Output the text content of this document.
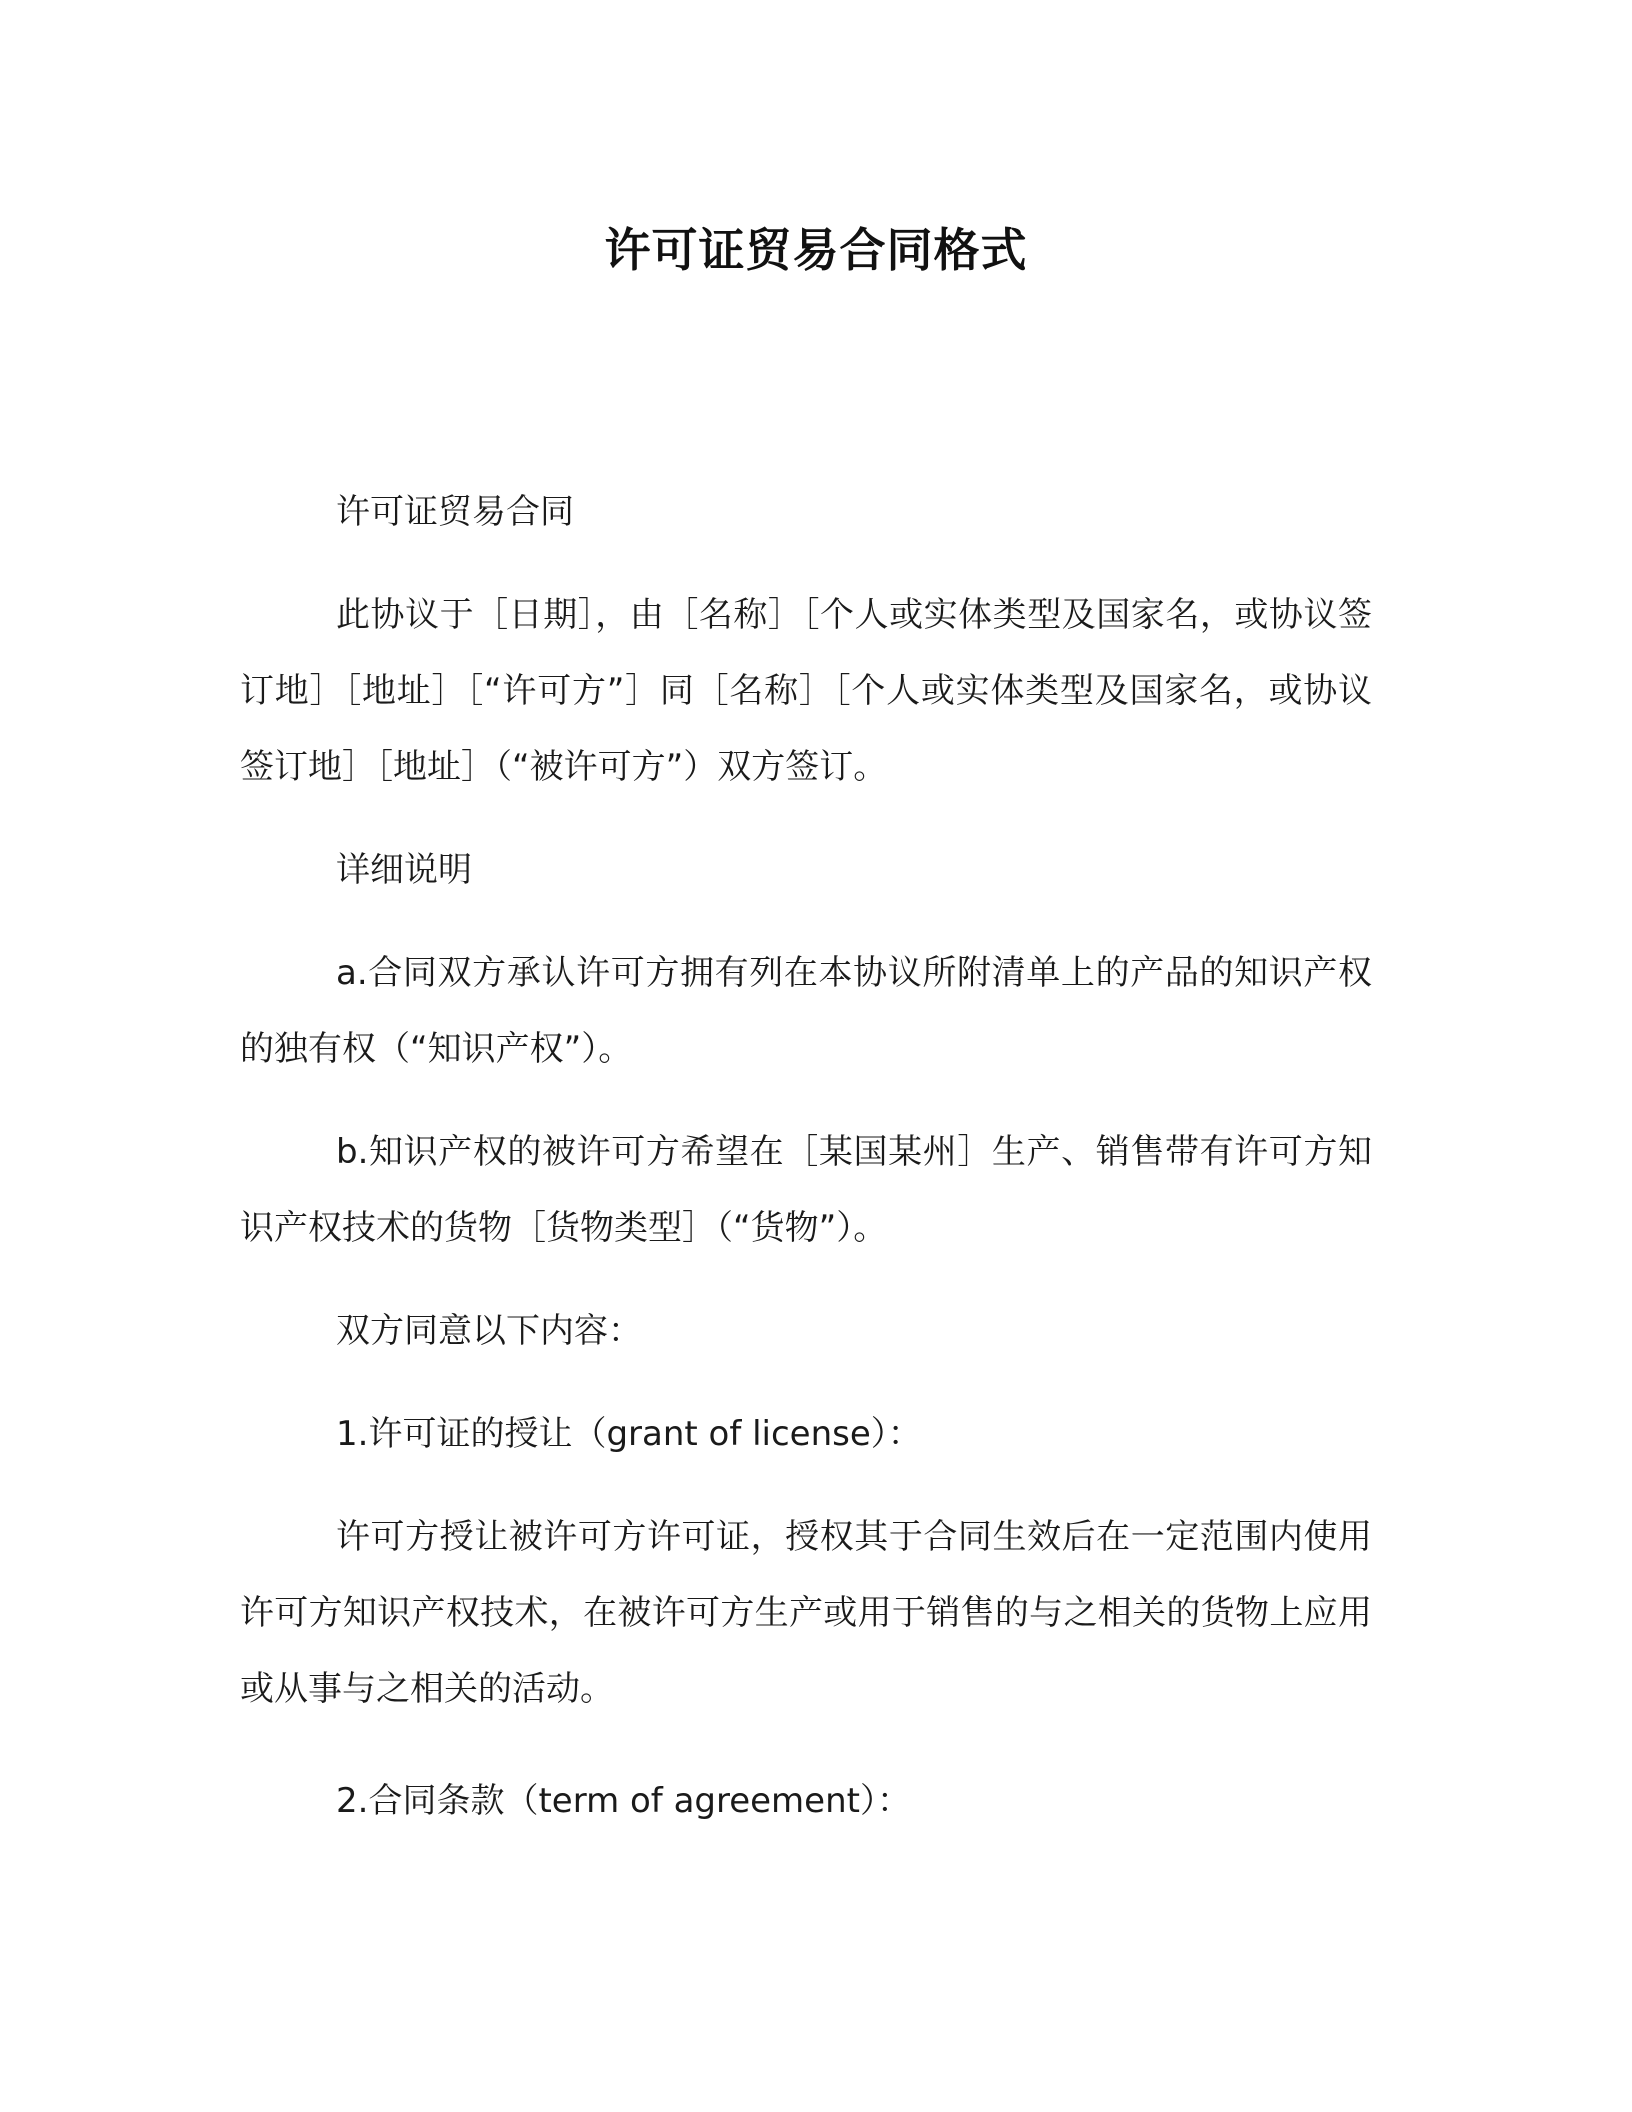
许可证贸易合同格式

许可证贸易合同

此协议于［日期］，由［名称］［个人或实体类型及国家名，或协议签订地］［地址］［“许可方”］同［名称］［个人或实体类型及国家名，或协议签订地］［地址］（“被许可方”）双方签订。

详细说明

a.合同双方承认许可方拥有列在本协议所附清单上的产品的知识产权的独有权（“知识产权”）。

b.知识产权的被许可方希望在［某国某州］生产、销售带有许可方知识产权技术的货物［货物类型］（“货物”）。

双方同意以下内容：

1.许可证的授让（grant of license）：

许可方授让被许可方许可证，授权其于合同生效后在一定范围内使用许可方知识产权技术，在被许可方生产或用于销售的与之相关的货物上应用或从事与之相关的活动。

2.合同条款（term of agreement）：
